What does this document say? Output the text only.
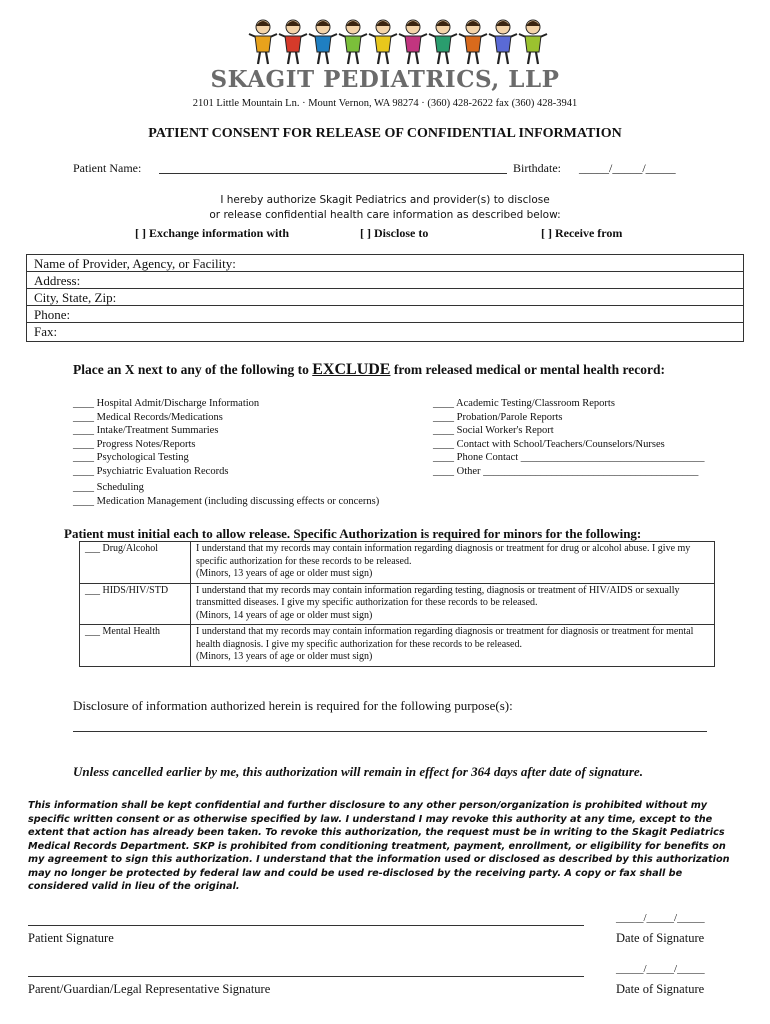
SKAGIT PEDIATRICS, LLP
2101 Little Mountain Ln. · Mount Vernon, WA 98274 · (360) 428-2622 fax (360) 428-3941
PATIENT CONSENT FOR RELEASE OF CONFIDENTIAL INFORMATION
Patient Name:	Birthdate: _____/_____/_____
I hereby authorize Skagit Pediatrics and provider(s) to disclose
or release confidential health care information as described below:
[ ] Exchange information with	[ ] Disclose to	[ ] Receive from
Name of Provider, Agency, or Facility:
Address:
City, State, Zip:
Phone:
Fax:
Place an X next to any of the following to EXCLUDE from released medical or mental health record:
____ Hospital Admit/Discharge Information
____ Medical Records/Medications
____ Intake/Treatment Summaries
____ Progress Notes/Reports
____ Psychological Testing
____ Psychiatric Evaluation Records
____ Scheduling
____ Medication Management (including discussing effects or concerns)
____ Academic Testing/Classroom Reports
____ Probation/Parole Reports
____ Social Worker's Report
____ Contact with School/Teachers/Counselors/Nurses
____ Phone Contact ___________________________________
____ Other _________________________________________
Patient must initial each to allow release. Specific Authorization is required for minors for the following:
___ Drug/Alcohol	I understand that my records may contain information regarding diagnosis or treatment for drug or alcohol abuse. I give my specific authorization for these records to be released.
(Minors, 13 years of age or older must sign)

___ HIDS/HIV/STD	I understand that my records may contain information regarding testing, diagnosis or treatment of HIV/AIDS or sexually transmitted diseases. I give my specific authorization for these records to be released.
(Minors, 14 years of age or older must sign)

___ Mental Health	I understand that my records may contain information regarding diagnosis or treatment for diagnosis or treatment for mental health diagnosis. I give my specific authorization for these records to be released.
(Minors, 13 years of age or older must sign)
Disclosure of information authorized herein is required for the following purpose(s):
Unless cancelled earlier by me, this authorization will remain in effect for 364 days after date of signature.
This information shall be kept confidential and further disclosure to any other person/organization is prohibited without my specific written consent or as otherwise specified by law. I understand I may revoke this authority at any time, except to the extent that action has already been taken. To revoke this authorization, the request must be in writing to the Skagit Pediatrics Medical Records Department. SKP is prohibited from conditioning treatment, payment, enrollment, or eligibility for benefits on my agreement to sign this authorization. I understand that the information used or disclosed as described by this authorization may no longer be protected by federal law and could be used re-disclosed by the receiving party. A copy or fax shall be considered valid in lieu of the original.
_____/_____/_____
Patient Signature	Date of Signature
_____/_____/_____
Parent/Guardian/Legal Representative Signature	Date of Signature
